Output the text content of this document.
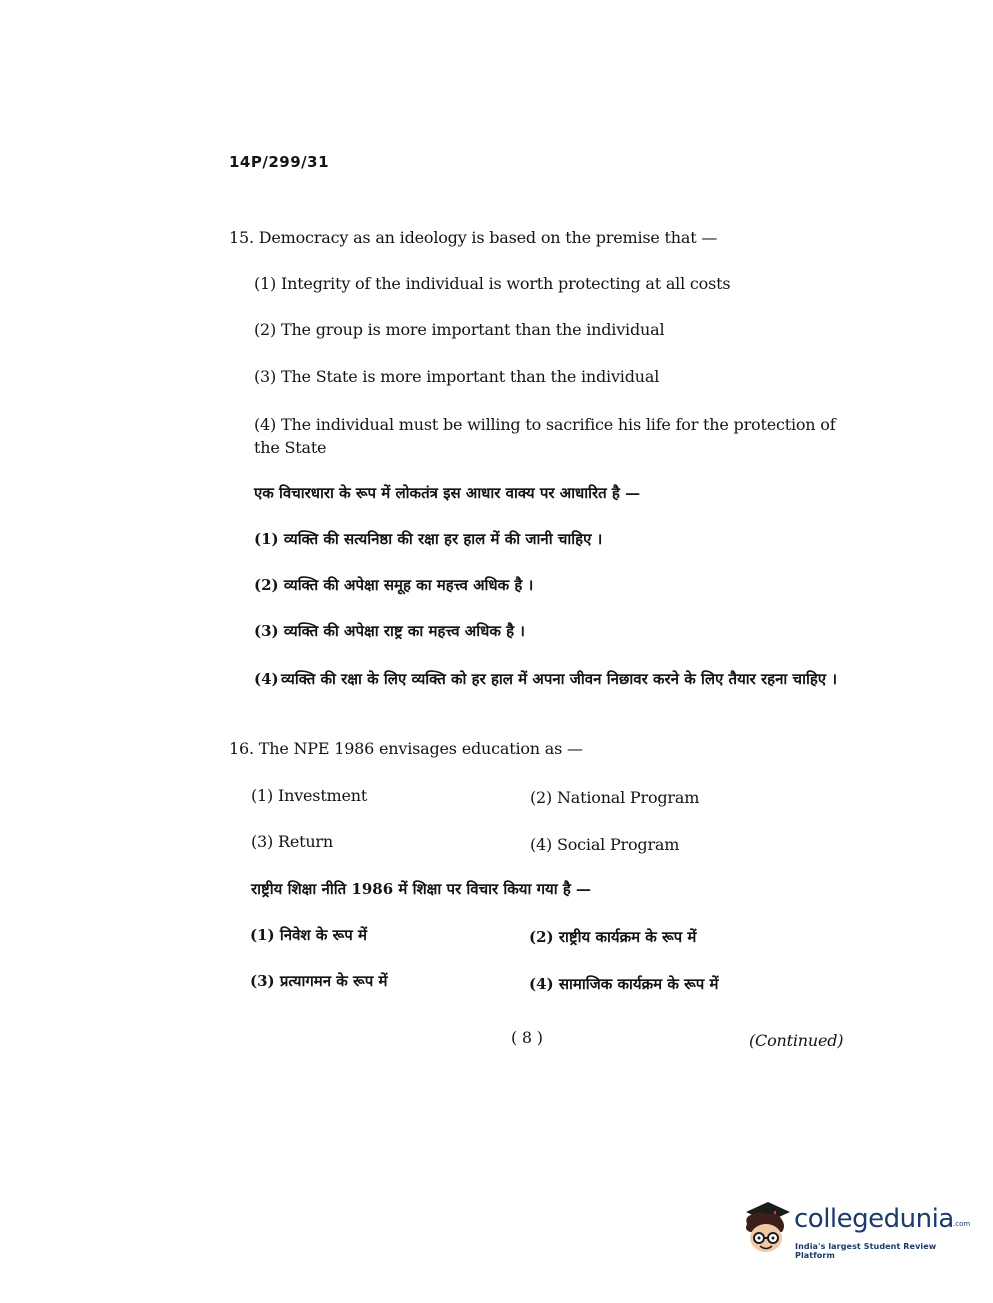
14P/299/31
15. Democracy as an ideology is based on the premise that —
(1) Integrity of the individual is worth protecting at all costs
(2) The group is more important than the individual
(3) The State is more important than the individual
(4) The individual must be willing to sacrifice his life for the protection of the State
एक विचारधारा के रूप में लोकतंत्र इस आधार वाक्य पर आधारित है —
(1) व्यक्ति की सत्यनिष्ठा की रक्षा हर हाल में की जानी चाहिए ।
(2) व्यक्ति की अपेक्षा समूह का महत्त्व अधिक है ।
(3) व्यक्ति की अपेक्षा राष्ट्र का महत्त्व अधिक है ।
(4) व्यक्ति की रक्षा के लिए व्यक्ति को हर हाल में अपना जीवन निछावर करने के लिए तैयार रहना चाहिए ।
16. The NPE 1986 envisages education as —
(1) Investment	(2) National Program
(3) Return	(4) Social Program
राष्ट्रीय शिक्षा नीति 1986 में शिक्षा पर विचार किया गया है —
(1) निवेश के रूप में	(2) राष्ट्रीय कार्यक्रम के रूप में
(3) प्रत्यागमन के रूप में	(4) सामाजिक कार्यक्रम के रूप में
( 8 )	(Continued)
collegedunia .com
India's largest Student Review Platform
